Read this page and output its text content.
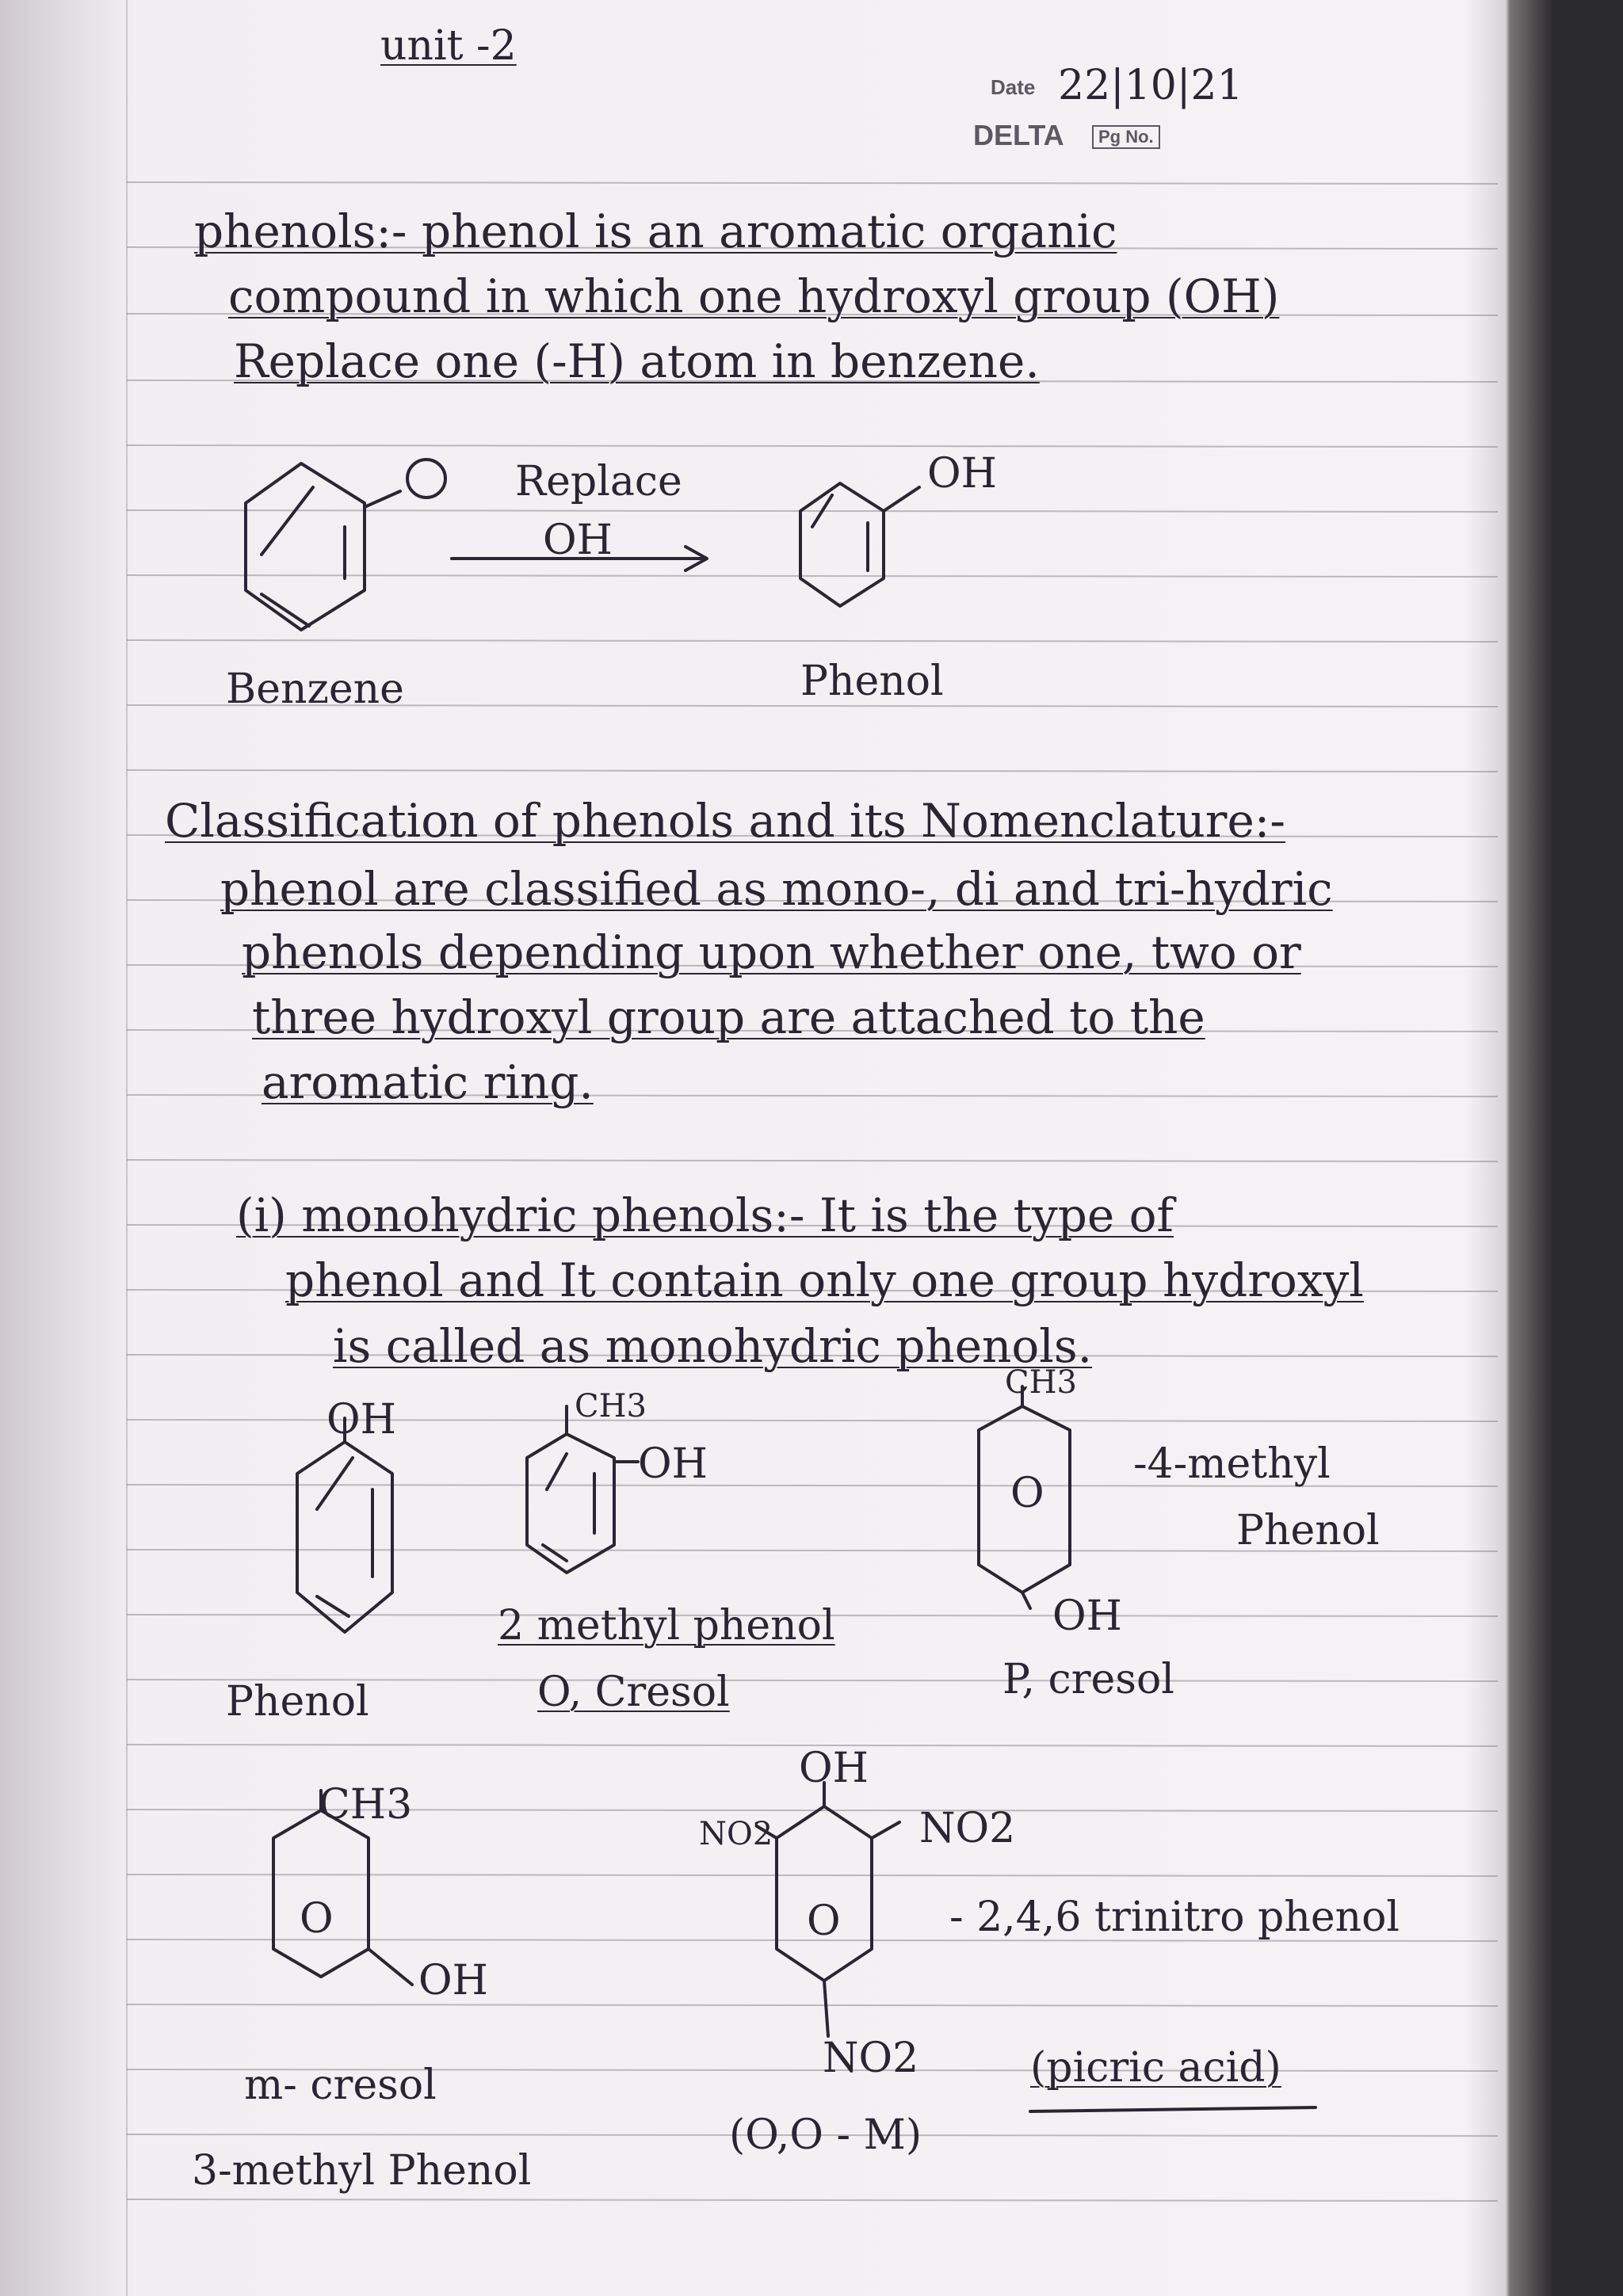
unit -2
Date 22|10|21
DELTA	Pg No.
phenols:- phenol is an aromatic organic
compound in which one hydroxyl group (OH)
Replace one (-H) atom in benzene.
Replace
OH
OH
Benzene	Phenol
Classification of phenols and its Nomenclature:-
phenol are classified as mono-, di and tri-hydric
phenols depending upon whether one, two or
three hydroxyl group are attached to the
aromatic ring.
(i) monohydric phenols:- It is the type of
phenol and It contain only one group hydroxyl
is called as monohydric phenols.
OH
Phenol
CH3
OH
2 methyl phenol
O, Cresol
CH3
O
OH
-4-methyl
Phenol
P, cresol
CH3
O
OH
m- cresol
3-methyl Phenol
OH
NO2	NO2
O
NO2
- 2,4,6 trinitro phenol
(picric acid)
(O,O - M)
